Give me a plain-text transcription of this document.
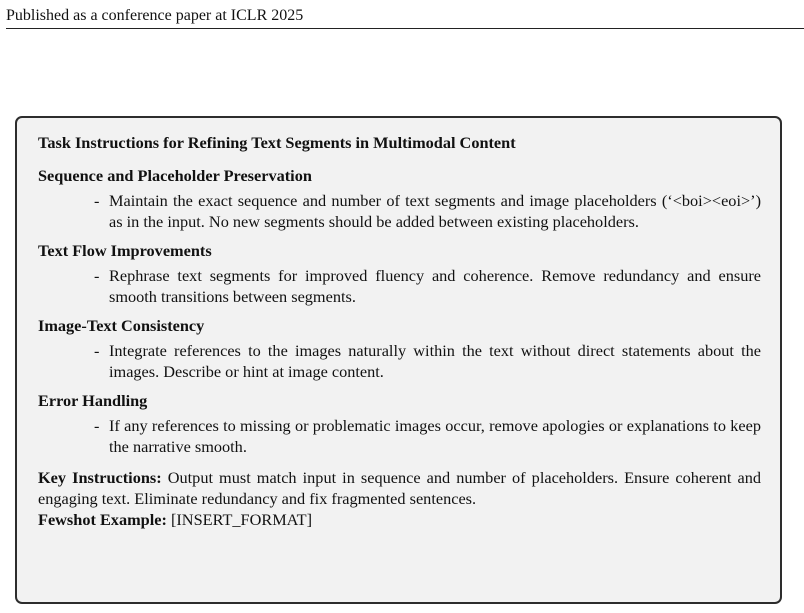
Published as a conference paper at ICLR 2025
Task Instructions for Refining Text Segments in Multimodal Content
Sequence and Placeholder Preservation
- Maintain the exact sequence and number of text segments and image placeholders (‘<boi><eoi>’) as in the input. No new segments should be added between existing placeholders.
Text Flow Improvements
- Rephrase text segments for improved fluency and coherence. Remove redundancy and ensure smooth transitions between segments.
Image-Text Consistency
- Integrate references to the images naturally within the text without direct statements about the images. Describe or hint at image content.
Error Handling
- If any references to missing or problematic images occur, remove apologies or explanations to keep the narrative smooth.
Key Instructions: Output must match input in sequence and number of placeholders. Ensure coherent and engaging text. Eliminate redundancy and fix fragmented sentences.
Fewshot Example: [INSERT_FORMAT]
